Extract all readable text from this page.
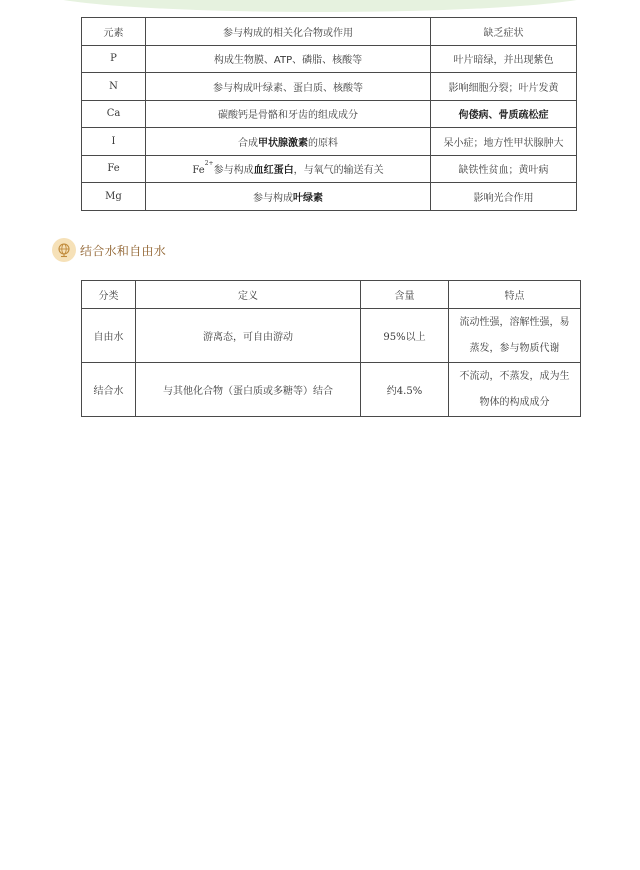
元素	参与构成的相关化合物或作用	缺乏症状
P	构成生物膜、ATP、磷脂、核酸等	叶片暗绿，并出现紫色
N	参与构成叶绿素、蛋白质、核酸等	影响细胞分裂；叶片发黄
Ca	碳酸钙是骨骼和牙齿的组成成分	佝偻病、骨质疏松症
I	合成甲状腺激素的原料	呆小症；地方性甲状腺肿大
Fe	$Fe^{2+}$参与构成血红蛋白，与氧气的输送有关	缺铁性贫血；黄叶病
Mg	参与构成叶绿素	影响光合作用
结合水和自由水
分类	定义	含量	特点
自由水	游离态，可自由游动	95%以上	流动性强，溶解性强，易蒸发，参与物质代谢
结合水	与其他化合物（蛋白质或多糖等）结合	约4.5%	不流动，不蒸发，成为生物体的构成成分
